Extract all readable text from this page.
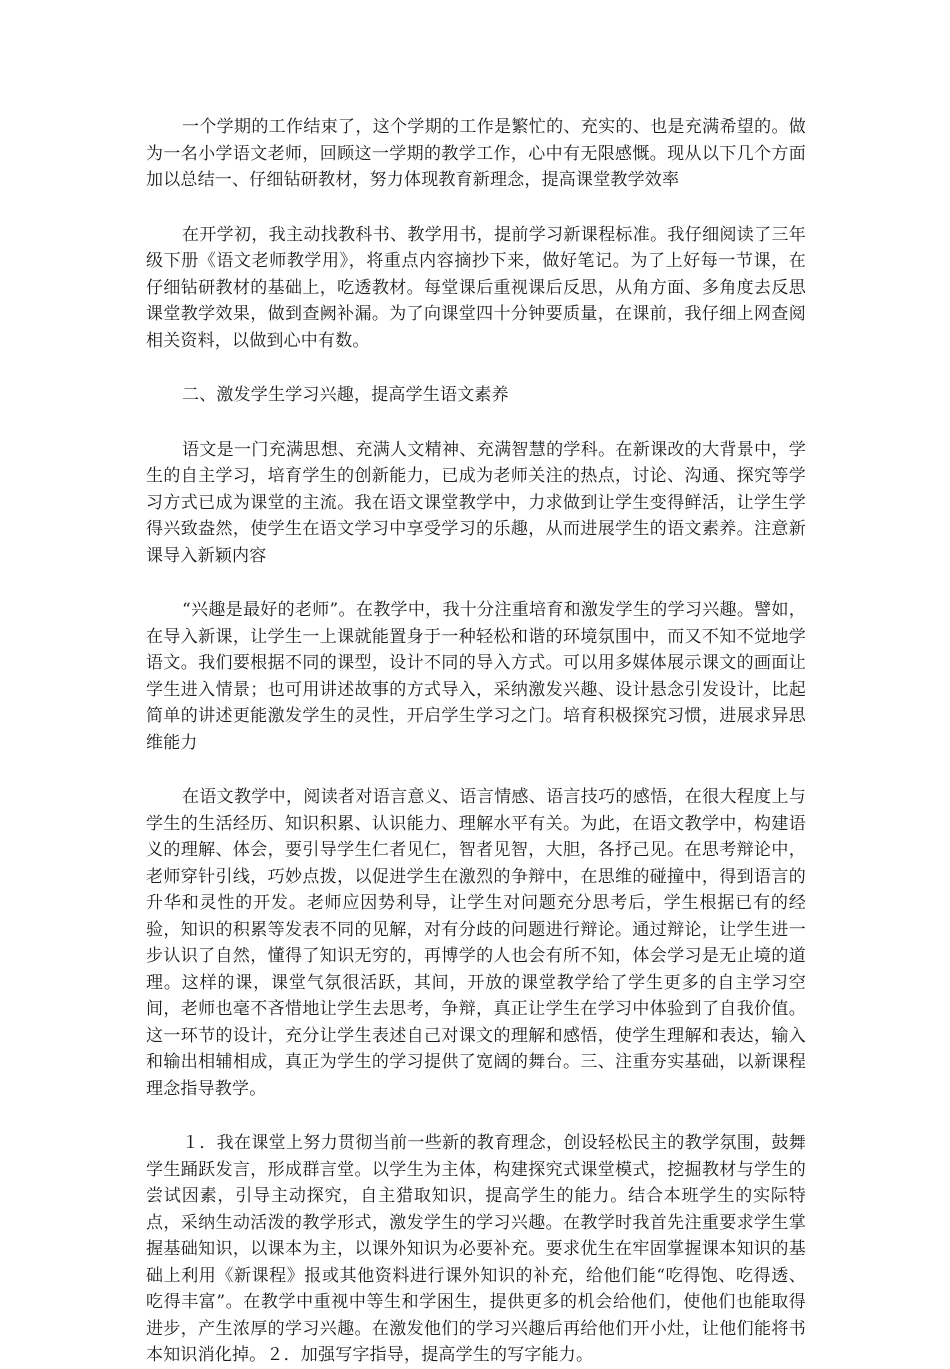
一个学期的工作结束了，这个学期的工作是繁忙的、充实的、也是充满希望的。做为一名小学语文老师，回顾这一学期的教学工作，心中有无限感慨。现从以下几个方面加以总结一、仔细钻研教材，努力体现教育新理念，提高课堂教学效率

在开学初，我主动找教科书、教学用书，提前学习新课程标准。我仔细阅读了三年级下册《语文老师教学用》，将重点内容摘抄下来，做好笔记。为了上好每一节课，在仔细钻研教材的基础上，吃透教材。每堂课后重视课后反思，从角方面、多角度去反思课堂教学效果，做到查阙补漏。为了向课堂四十分钟要质量，在课前，我仔细上网查阅相关资料，以做到心中有数。

二、激发学生学习兴趣，提高学生语文素养

语文是一门充满思想、充满人文精神、充满智慧的学科。在新课改的大背景中，学生的自主学习，培育学生的创新能力，已成为老师关注的热点，讨论、沟通、探究等学习方式已成为课堂的主流。我在语文课堂教学中，力求做到让学生变得鲜活，让学生学得兴致盎然，使学生在语文学习中享受学习的乐趣，从而进展学生的语文素养。注意新课导入新颖内容

“兴趣是最好的老师”。在教学中，我十分注重培育和激发学生的学习兴趣。譬如，在导入新课，让学生一上课就能置身于一种轻松和谐的环境氛围中，而又不知不觉地学语文。我们要根据不同的课型，设计不同的导入方式。可以用多媒体展示课文的画面让学生进入情景；也可用讲述故事的方式导入，采纳激发兴趣、设计悬念引发设计，比起简单的讲述更能激发学生的灵性，开启学生学习之门。培育积极探究习惯，进展求异思维能力

在语文教学中，阅读者对语言意义、语言情感、语言技巧的感悟，在很大程度上与学生的生活经历、知识积累、认识能力、理解水平有关。为此，在语文教学中，构建语义的理解、体会，要引导学生仁者见仁，智者见智，大胆，各抒己见。在思考辩论中，老师穿针引线，巧妙点拨，以促进学生在激烈的争辩中，在思维的碰撞中，得到语言的升华和灵性的开发。老师应因势利导，让学生对问题充分思考后，学生根据已有的经验，知识的积累等发表不同的见解，对有分歧的问题进行辩论。通过辩论，让学生进一步认识了自然，懂得了知识无穷的，再博学的人也会有所不知，体会学习是无止境的道理。这样的课，课堂气氛很活跃，其间，开放的课堂教学给了学生更多的自主学习空间，老师也毫不吝惜地让学生去思考，争辩，真正让学生在学习中体验到了自我价值。这一环节的设计，充分让学生表述自己对课文的理解和感悟，使学生理解和表达，输入和输出相辅相成，真正为学生的学习提供了宽阔的舞台。三、注重夯实基础，以新课程理念指导教学。

１．我在课堂上努力贯彻当前一些新的教育理念，创设轻松民主的教学氛围，鼓舞学生踊跃发言，形成群言堂。以学生为主体，构建探究式课堂模式，挖掘教材与学生的尝试因素，引导主动探究，自主猎取知识，提高学生的能力。结合本班学生的实际特点，采纳生动活泼的教学形式，激发学生的学习兴趣。在教学时我首先注重要求学生掌握基础知识，以课本为主，以课外知识为必要补充。要求优生在牢固掌握课本知识的基础上利用《新课程》报或其他资料进行课外知识的补充，给他们能“吃得饱、吃得透、吃得丰富”。在教学中重视中等生和学困生，提供更多的机会给他们，使他们也能取得进步，产生浓厚的学习兴趣。在激发他们的学习兴趣后再给他们开小灶，让他们能将书本知识消化掉。２．加强写字指导，提高学生的写字能力。
